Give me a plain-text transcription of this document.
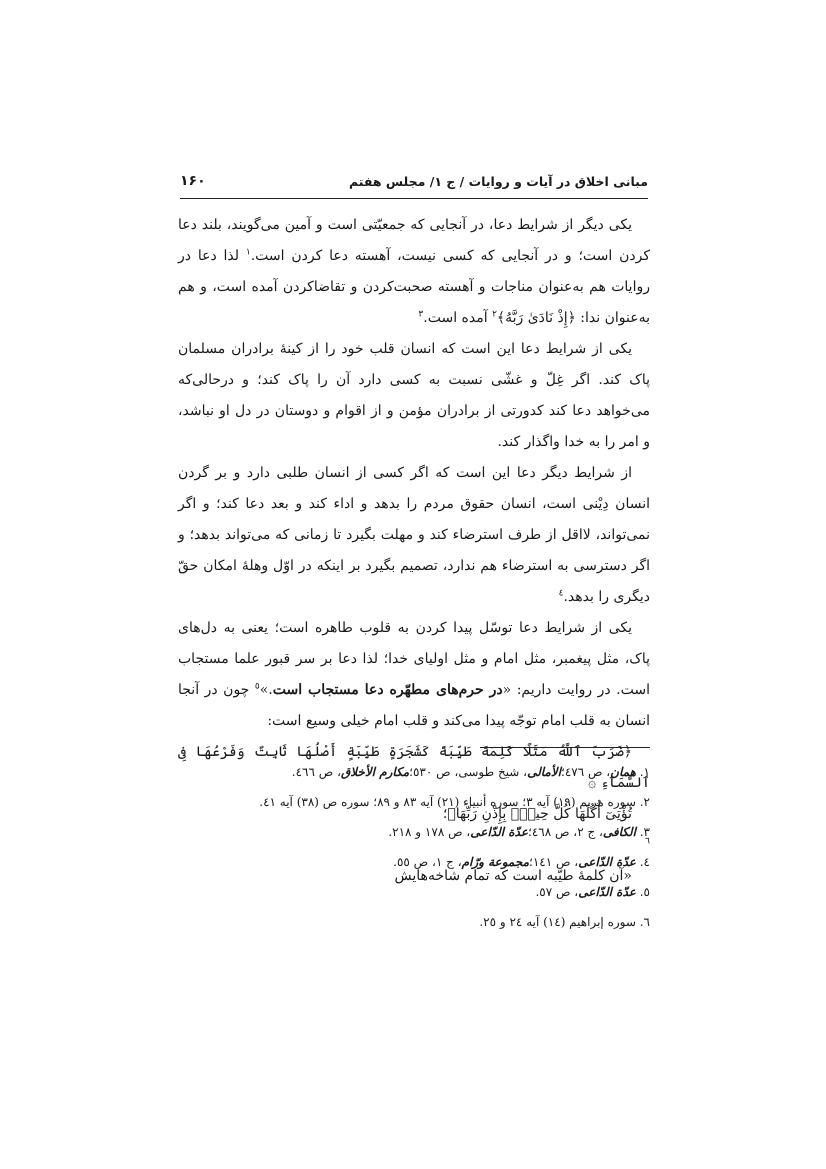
مبانی اخلاق در آیات و روایات / ج ۱/ مجلس هفتم
۱۶۰

یکی دیگر از شرایط دعا، در آنجایی که جمعیّتی است و آمین می‌گویند، بلند دعا کردن است؛ و در آنجایی که کسی نیست، آهسته دعا کردن است.$^۱$ لذا دعا در روایات هم به‌عنوان مناجات و آهسته صحبت‌کردن و تقاضاکردن آمده است، و هم به‌عنوان ندا: ﴿إِذْ نَادَىٰ رَبَّهُ﴾$^۲$ آمده است.$^۳$

یکی از شرایط دعا این است که انسان قلب خود را از کینهٔ برادران مسلمان پاک کند. اگر غِلّ و غشّی نسبت به کسی دارد آن را پاک کند؛ و درحالی‌که می‌خواهد دعا کند کدورتی از برادران مؤمن و از اقوام و دوستان در دل او نباشد، و امر را به خدا واگذار کند.

از شرایط دیگر دعا این است که اگر کسی از انسان طلبی دارد و بر گردن انسان دِیْنی است، انسان حقوق مردم را بدهد و اداء کند و بعد دعا کند؛ و اگر نمی‌تواند، لااقل از طرف استرضاء کند و مهلت بگیرد تا زمانی که می‌تواند بدهد؛ و اگر دسترسی به استرضاء هم ندارد، تصمیم بگیرد بر اینکه در اوّل وهلهٔ امکان حقّ دیگری را بدهد.$^٤$

یکی از شرایط دعا توسّل پیدا کردن به قلوب طاهره است؛ یعنی به دل‌های پاک، مثل پیغمبر، مثل امام و مثل اولیای خدا؛ لذا دعا بر سر قبور علما مستجاب است. در روایت داریم: «در حرم‌های مطهّره دعا مستجاب است.»$^٥$ چون در آنجا انسان به قلب امام توجّه پیدا می‌کند و قلب امام خیلی وسیع است:

﴿ضَرَبَ ٱللَّهُ مَثَلًا كَلِمَةً طَيِّبَةً كَشَجَرَةٍ طَيِّبَةٍ أَصْلُهَا ثَابِتٌ وَفَرْعُهَا فِى ٱلسَّمَآءِ ۞
تُؤْتِىٓ أُكُلَهَا كُلَّ حِينٍۭ بِإِذْنِ رَبِّهَا﴾؛
$^٦$
«آن کلمهٔ طیّبه است که تمام شاخه‌هایش

۱. همان، ص ٤٧٦؛الأمالی، شیخ طوسی، ص ٥٣٠؛مکارم الأخلاق، ص ٤٦٦.

۲. سوره مریم (١٩) آیه ٣؛ سوره أنبیاء (٢١) آیه ٨٣ و ٨٩؛ سوره ص (٣٨) آیه ٤١.

۳. الکافی، ج ٢، ص ٤٦٨؛عدّة الدّاعی، ص ١٧٨ و ٢١٨.

٤. عدّة الدّاعی، ص ١٤١؛مجموعة ورّام، ج ١، ص ٥٥.

٥. عدّة الدّاعی، ص ٥٧.

٦. سوره إبراهیم (١٤) آیه ٢٤ و ٢٥.
